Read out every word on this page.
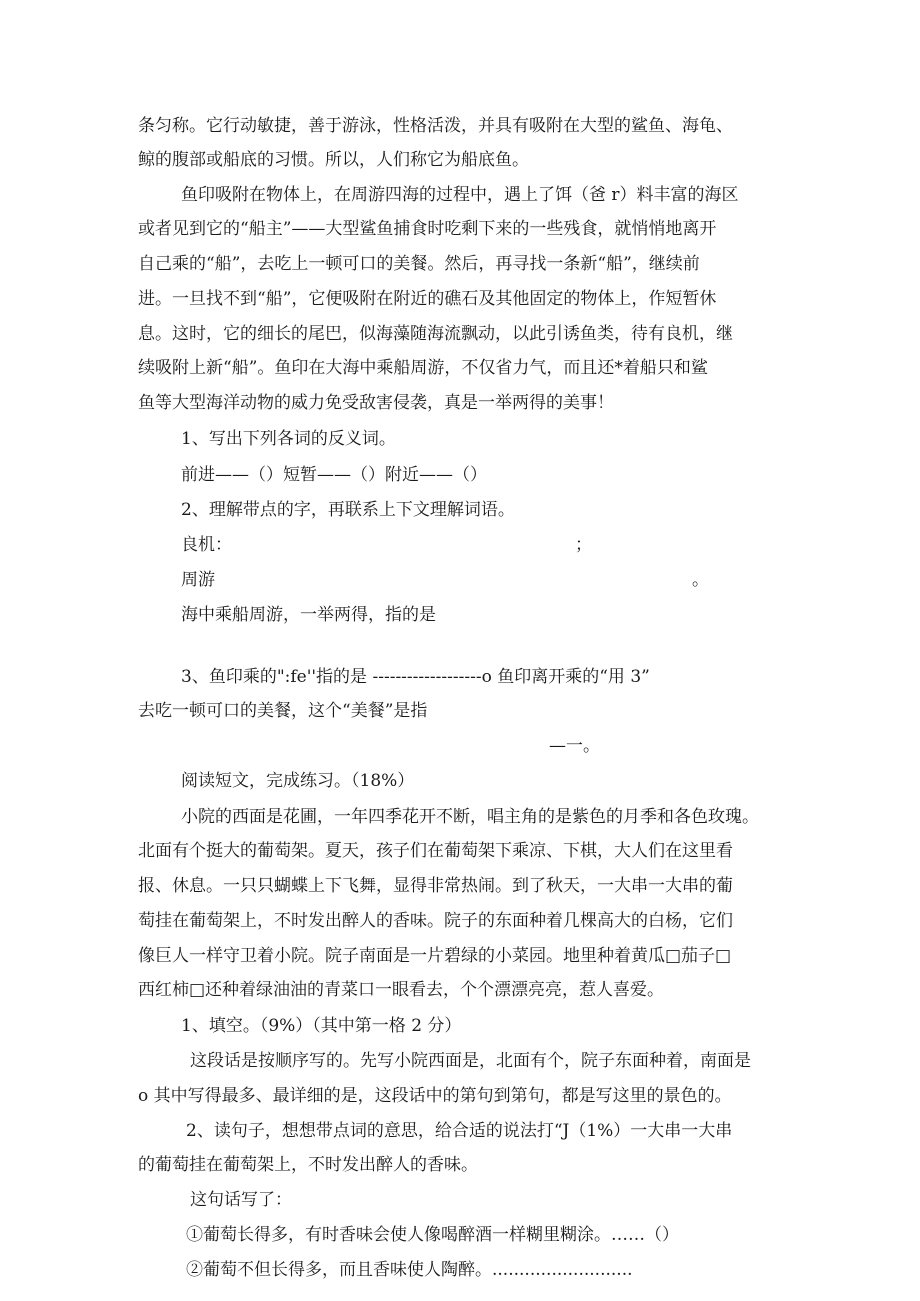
条匀称。它行动敏捷，善于游泳，性格活泼，并具有吸附在大型的鲨鱼、海龟、
鲸的腹部或船底的习惯。所以，人们称它为船底鱼。
鱼印吸附在物体上，在周游四海的过程中，遇上了饵（爸 r）料丰富的海区
或者见到它的“船主”——大型鲨鱼捕食时吃剩下来的一些残食，就悄悄地离开
自己乘的“船”，去吃上一顿可口的美餐。然后，再寻找一条新“船”，继续前
进。一旦找不到“船”，它便吸附在附近的礁石及其他固定的物体上，作短暂休
息。这时，它的细长的尾巴，似海藻随海流飘动，以此引诱鱼类，待有良机，继
续吸附上新“船”。鱼印在大海中乘船周游，不仅省力气，而且还*着船只和鲨
鱼等大型海洋动物的威力免受敌害侵袭，真是一举两得的美事！
1、写出下列各词的反义词。
前进——（）短暂——（）附近——（）
2、理解带点的字，再联系上下文理解词语。
良机：	；
周游	。
海中乘船周游，一举两得，指的是
3、鱼印乘的":fe''指的是 -------------------o 鱼印离开乘的“用 3”
去吃一顿可口的美餐，这个“美餐”是指
—一。
阅读短文，完成练习。（18%）
小院的西面是花圃，一年四季花开不断，唱主角的是紫色的月季和各色玫瑰。
北面有个挺大的葡萄架。夏天，孩子们在葡萄架下乘凉、下棋，大人们在这里看
报、休息。一只只蝴蝶上下飞舞，显得非常热闹。到了秋天，一大串一大串的葡
萄挂在葡萄架上，不时发出醉人的香味。院子的东面种着几棵高大的白杨，它们
像巨人一样守卫着小院。院子南面是一片碧绿的小菜园。地里种着黄瓜□茄子□
西红柿□还种着绿油油的青菜口一眼看去，个个漂漂亮亮，惹人喜爱。
1、填空。（9%）（其中第一格 2 分）
这段话是按顺序写的。先写小院西面是，北面有个，院子东面种着，南面是
o 其中写得最多、最详细的是，这段话中的第句到第句，都是写这里的景色的。
2、读句子，想想带点词的意思，给合适的说法打“J（1%）一大串一大串
的葡萄挂在葡萄架上，不时发出醉人的香味。
这句话写了：
①葡萄长得多，有时香味会使人像喝醉酒一样糊里糊涂。……（）
②葡萄不但长得多，而且香味使人陶醉。..........................
